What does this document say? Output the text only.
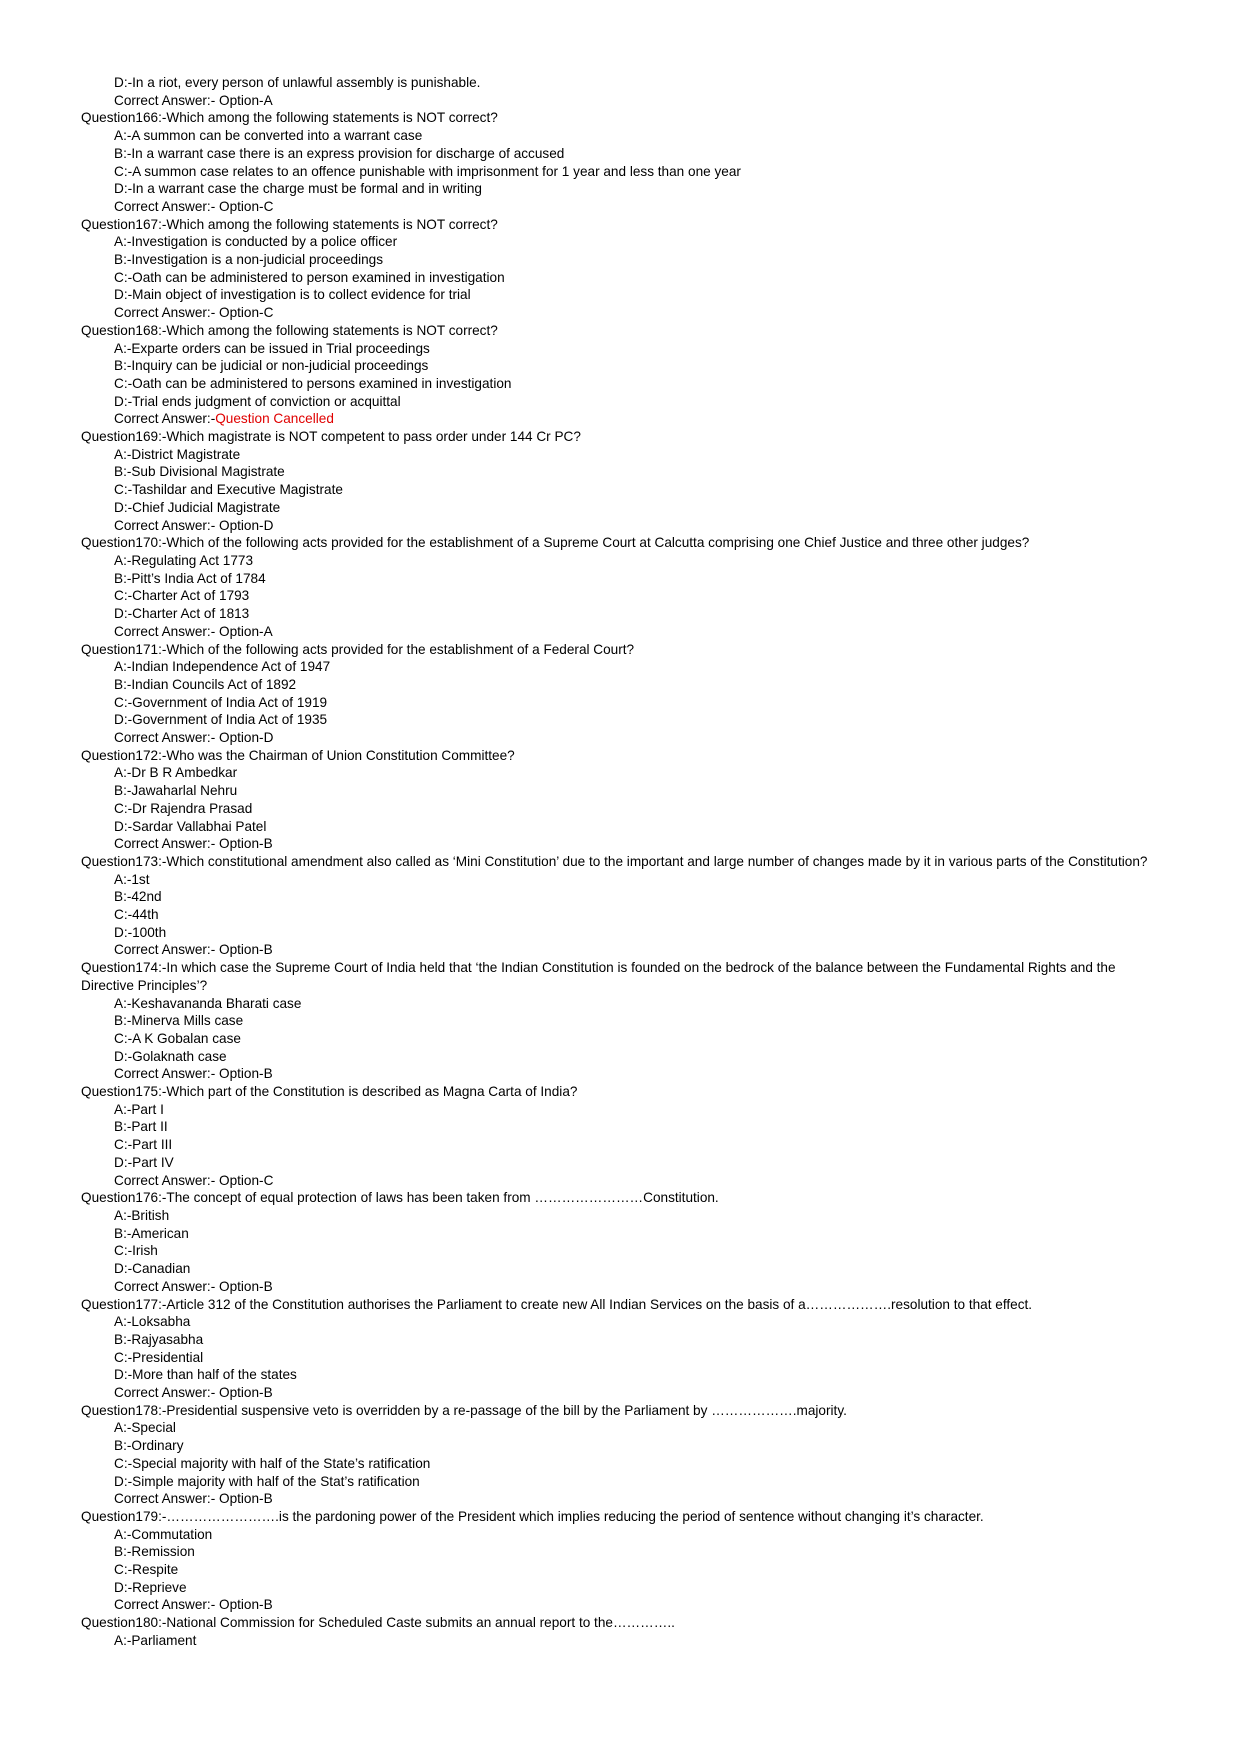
D:-In a riot, every person of unlawful assembly is punishable.

Correct Answer:- Option-A

Question166:-Which among the following statements is NOT correct?

A:-A summon can be converted into a warrant case

B:-In a warrant case there is an express provision for discharge of accused

C:-A summon case relates to an offence punishable with imprisonment for 1 year and less than one year

D:-In a warrant case the charge must be formal and in writing

Correct Answer:- Option-C

Question167:-Which among the following statements is NOT correct?

A:-Investigation is conducted by a police officer

B:-Investigation is a non-judicial proceedings

C:-Oath can be administered to person examined in investigation

D:-Main object of investigation is to collect evidence for trial

Correct Answer:- Option-C

Question168:-Which among the following statements is NOT correct?

A:-Exparte orders can be issued in Trial proceedings

B:-Inquiry can be judicial or non-judicial proceedings

C:-Oath can be administered to persons examined in investigation

D:-Trial ends judgment of conviction or acquittal

Correct Answer:-Question Cancelled

Question169:-Which magistrate is NOT competent to pass order under 144 Cr PC?

A:-District Magistrate

B:-Sub Divisional Magistrate

C:-Tashildar and Executive Magistrate

D:-Chief Judicial Magistrate

Correct Answer:- Option-D

Question170:-Which of the following acts provided for the establishment of a Supreme Court at Calcutta comprising one Chief Justice and three other judges?

A:-Regulating Act 1773

B:-Pitt’s India Act of 1784

C:-Charter Act of 1793

D:-Charter Act of 1813

Correct Answer:- Option-A

Question171:-Which of the following acts provided for the establishment of a Federal Court?

A:-Indian Independence Act of 1947

B:-Indian Councils Act of 1892

C:-Government of India Act of 1919

D:-Government of India Act of 1935

Correct Answer:- Option-D

Question172:-Who was the Chairman of Union Constitution Committee?

A:-Dr B R Ambedkar

B:-Jawaharlal Nehru

C:-Dr Rajendra Prasad

D:-Sardar Vallabhai Patel

Correct Answer:- Option-B

Question173:-Which constitutional amendment also called as ‘Mini Constitution’ due to the important and large number of changes made by it in various parts of the Constitution?

A:-1st

B:-42nd

C:-44th

D:-100th

Correct Answer:- Option-B

Question174:-In which case the Supreme Court of India held that ‘the Indian Constitution is founded on the bedrock of the balance between the Fundamental Rights and the Directive Principles’?

A:-Keshavananda Bharati case

B:-Minerva Mills case

C:-A K Gobalan case

D:-Golaknath case

Correct Answer:- Option-B

Question175:-Which part of the Constitution is described as Magna Carta of India?

A:-Part I

B:-Part II

C:-Part III

D:-Part IV

Correct Answer:- Option-C

Question176:-The concept of equal protection of laws has been taken from ……………………Constitution.

A:-British

B:-American

C:-Irish

D:-Canadian

Correct Answer:- Option-B

Question177:-Article 312 of the Constitution authorises the Parliament to create new All Indian Services on the basis of a……………….resolution to that effect.

A:-Loksabha

B:-Rajyasabha

C:-Presidential

D:-More than half of the states

Correct Answer:- Option-B

Question178:-Presidential suspensive veto is overridden by a re-passage of the bill by the Parliament by ……………….majority.

A:-Special

B:-Ordinary

C:-Special majority with half of the State’s ratification

D:-Simple majority with half of the Stat’s ratification

Correct Answer:- Option-B

Question179:-…………………….is the pardoning power of the President which implies reducing the period of sentence without changing it’s character.

A:-Commutation

B:-Remission

C:-Respite

D:-Reprieve

Correct Answer:- Option-B

Question180:-National Commission for Scheduled Caste submits an annual report to the…………..

A:-Parliament
